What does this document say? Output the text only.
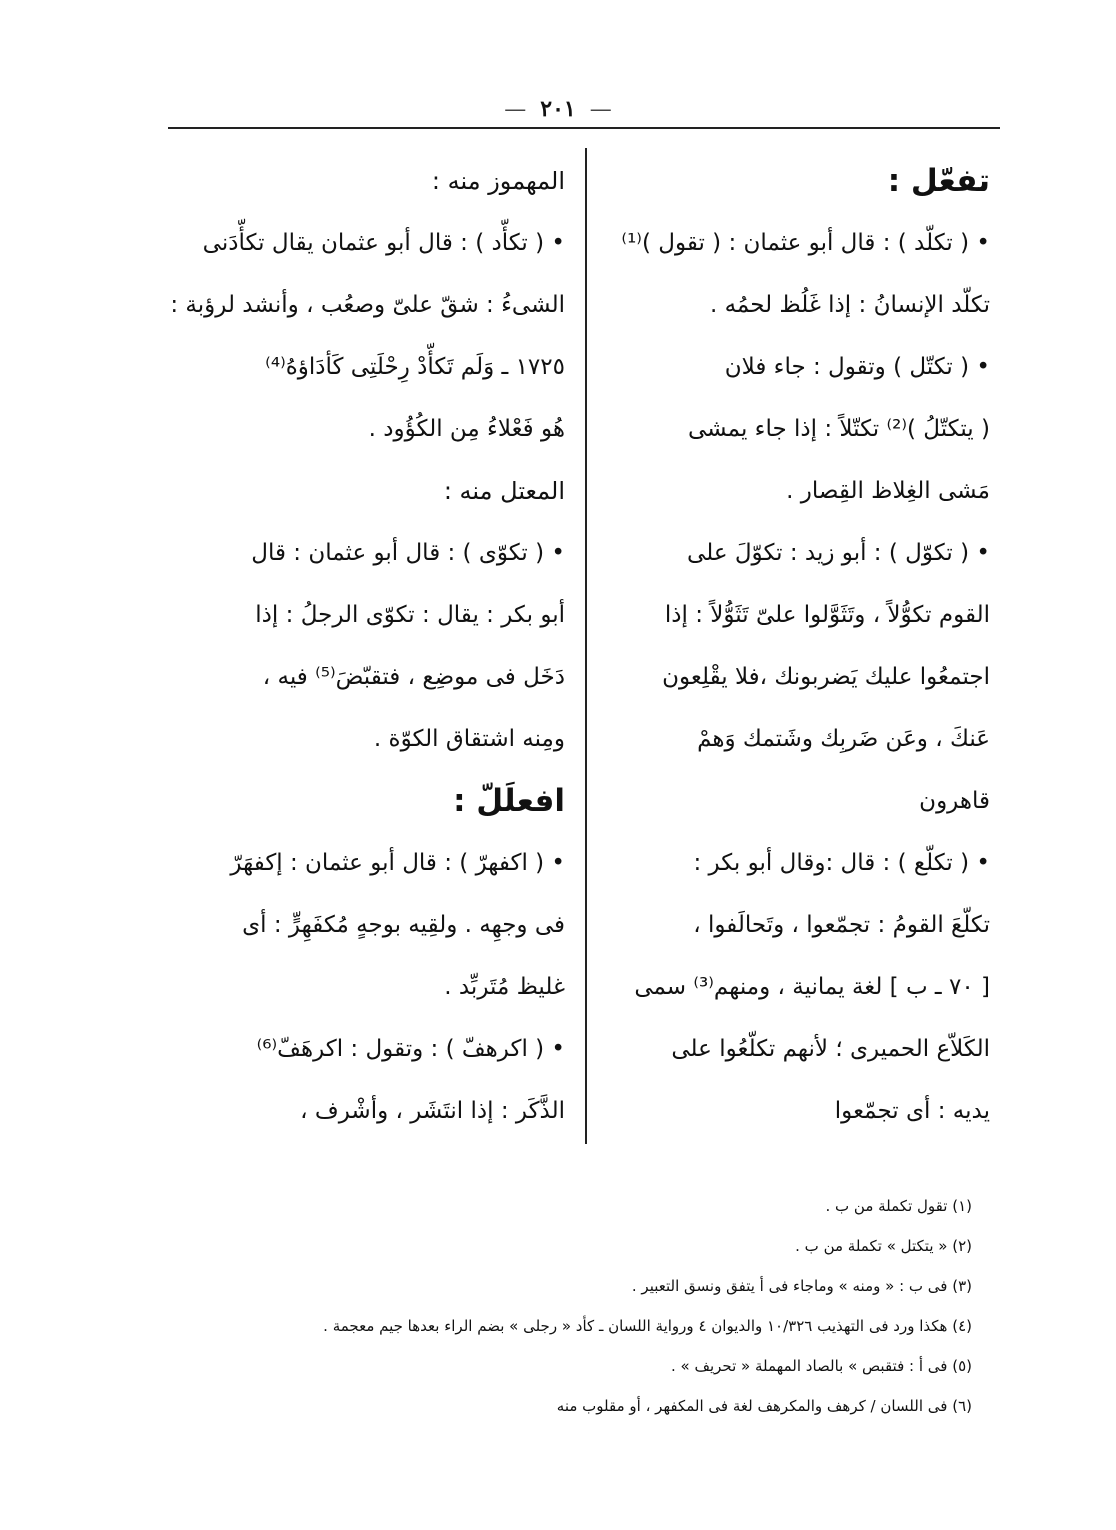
— ٢٠١ —
تفعّل :
• ( تكلّد ) : قال أبو عثمان : ( تقول )⁽¹⁾
تكلّد الإنسانُ : إذا غَلُظ لحمُه .
• ( تكتّل ) وتقول : جاء فلان
( يتكتّلُ )⁽²⁾ تكتّلاً : إذا جاء يمشى
مَشى الغِلاظ القِصار .
• ( تكوّل ) : أبو زيد : تكوّلَ على
القوم تكوُّلاً ، وتَثَوَّلوا علىّ تَثَوُّلاً : إذا
اجتمعُوا عليك يَضربونك ،فلا يقْلِعون
عَنكَ ، وعَن ضَربِك وشَتمك وَهمْ
قاهرون
• ( تكلّع ) : قال :وقال أبو بكر :
تكلّعَ القومُ : تجمّعوا ، وتَحالَفوا ،
[ ٧٠ ـ ب ] لغة يمانية ، ومنهم⁽³⁾ سمى
الكَلاّع الحميرى ؛ لأنهم تكلّعُوا على
يديه : أى تجمّعوا
المهموز منه :
• ( تكأّد ) : قال أبو عثمان يقال تكأّدَنى
الشىءُ : شقّ علىّ وصعُب ، وأنشد لرؤبة :
١٧٢٥ ـ وَلَم تَكأّدْ رِحْلَتِى كَأدَاؤهُ⁽⁴⁾
هُو فَعْلاءُ مِن الكُؤُود .
المعتل منه :
• ( تكوّى ) : قال أبو عثمان : قال
أبو بكر : يقال : تكوّى الرجلُ : إذا
دَخَل فى موضِع ، فتقبّضَ⁽⁵⁾ فيه ،
ومِنه اشتقاق الكوّة .
افعلَلّ :
• ( اكفهرّ ) : قال أبو عثمان : إكفهَرّ
فى وجهِه . ولقِيه بوجهٍ مُكفَهِرٍّ : أى
غليظ مُتَربِّد .
• ( اكرهفّ ) : وتقول : اكرهَفّ⁽⁶⁾
الذَّكَر : إذا انتَشَر ، وأشْرف ،
(١) تقول تكملة من ب .
(٢) « يتكتل » تكملة من ب .
(٣) فى ب : « ومنه » وماجاء فى أ يتفق ونسق التعبير .
(٤) هكذا ورد فى التهذيب ١٠/٣٢٦ والديوان ٤ ورواية اللسان ـ كأد « رجلى » بضم الراء بعدها جيم معجمة .
(٥) فى أ : فتقبص » بالصاد المهملة « تحريف » .
(٦) فى اللسان / كرهف والمكرهف لغة فى المكفهر ، أو مقلوب منه
